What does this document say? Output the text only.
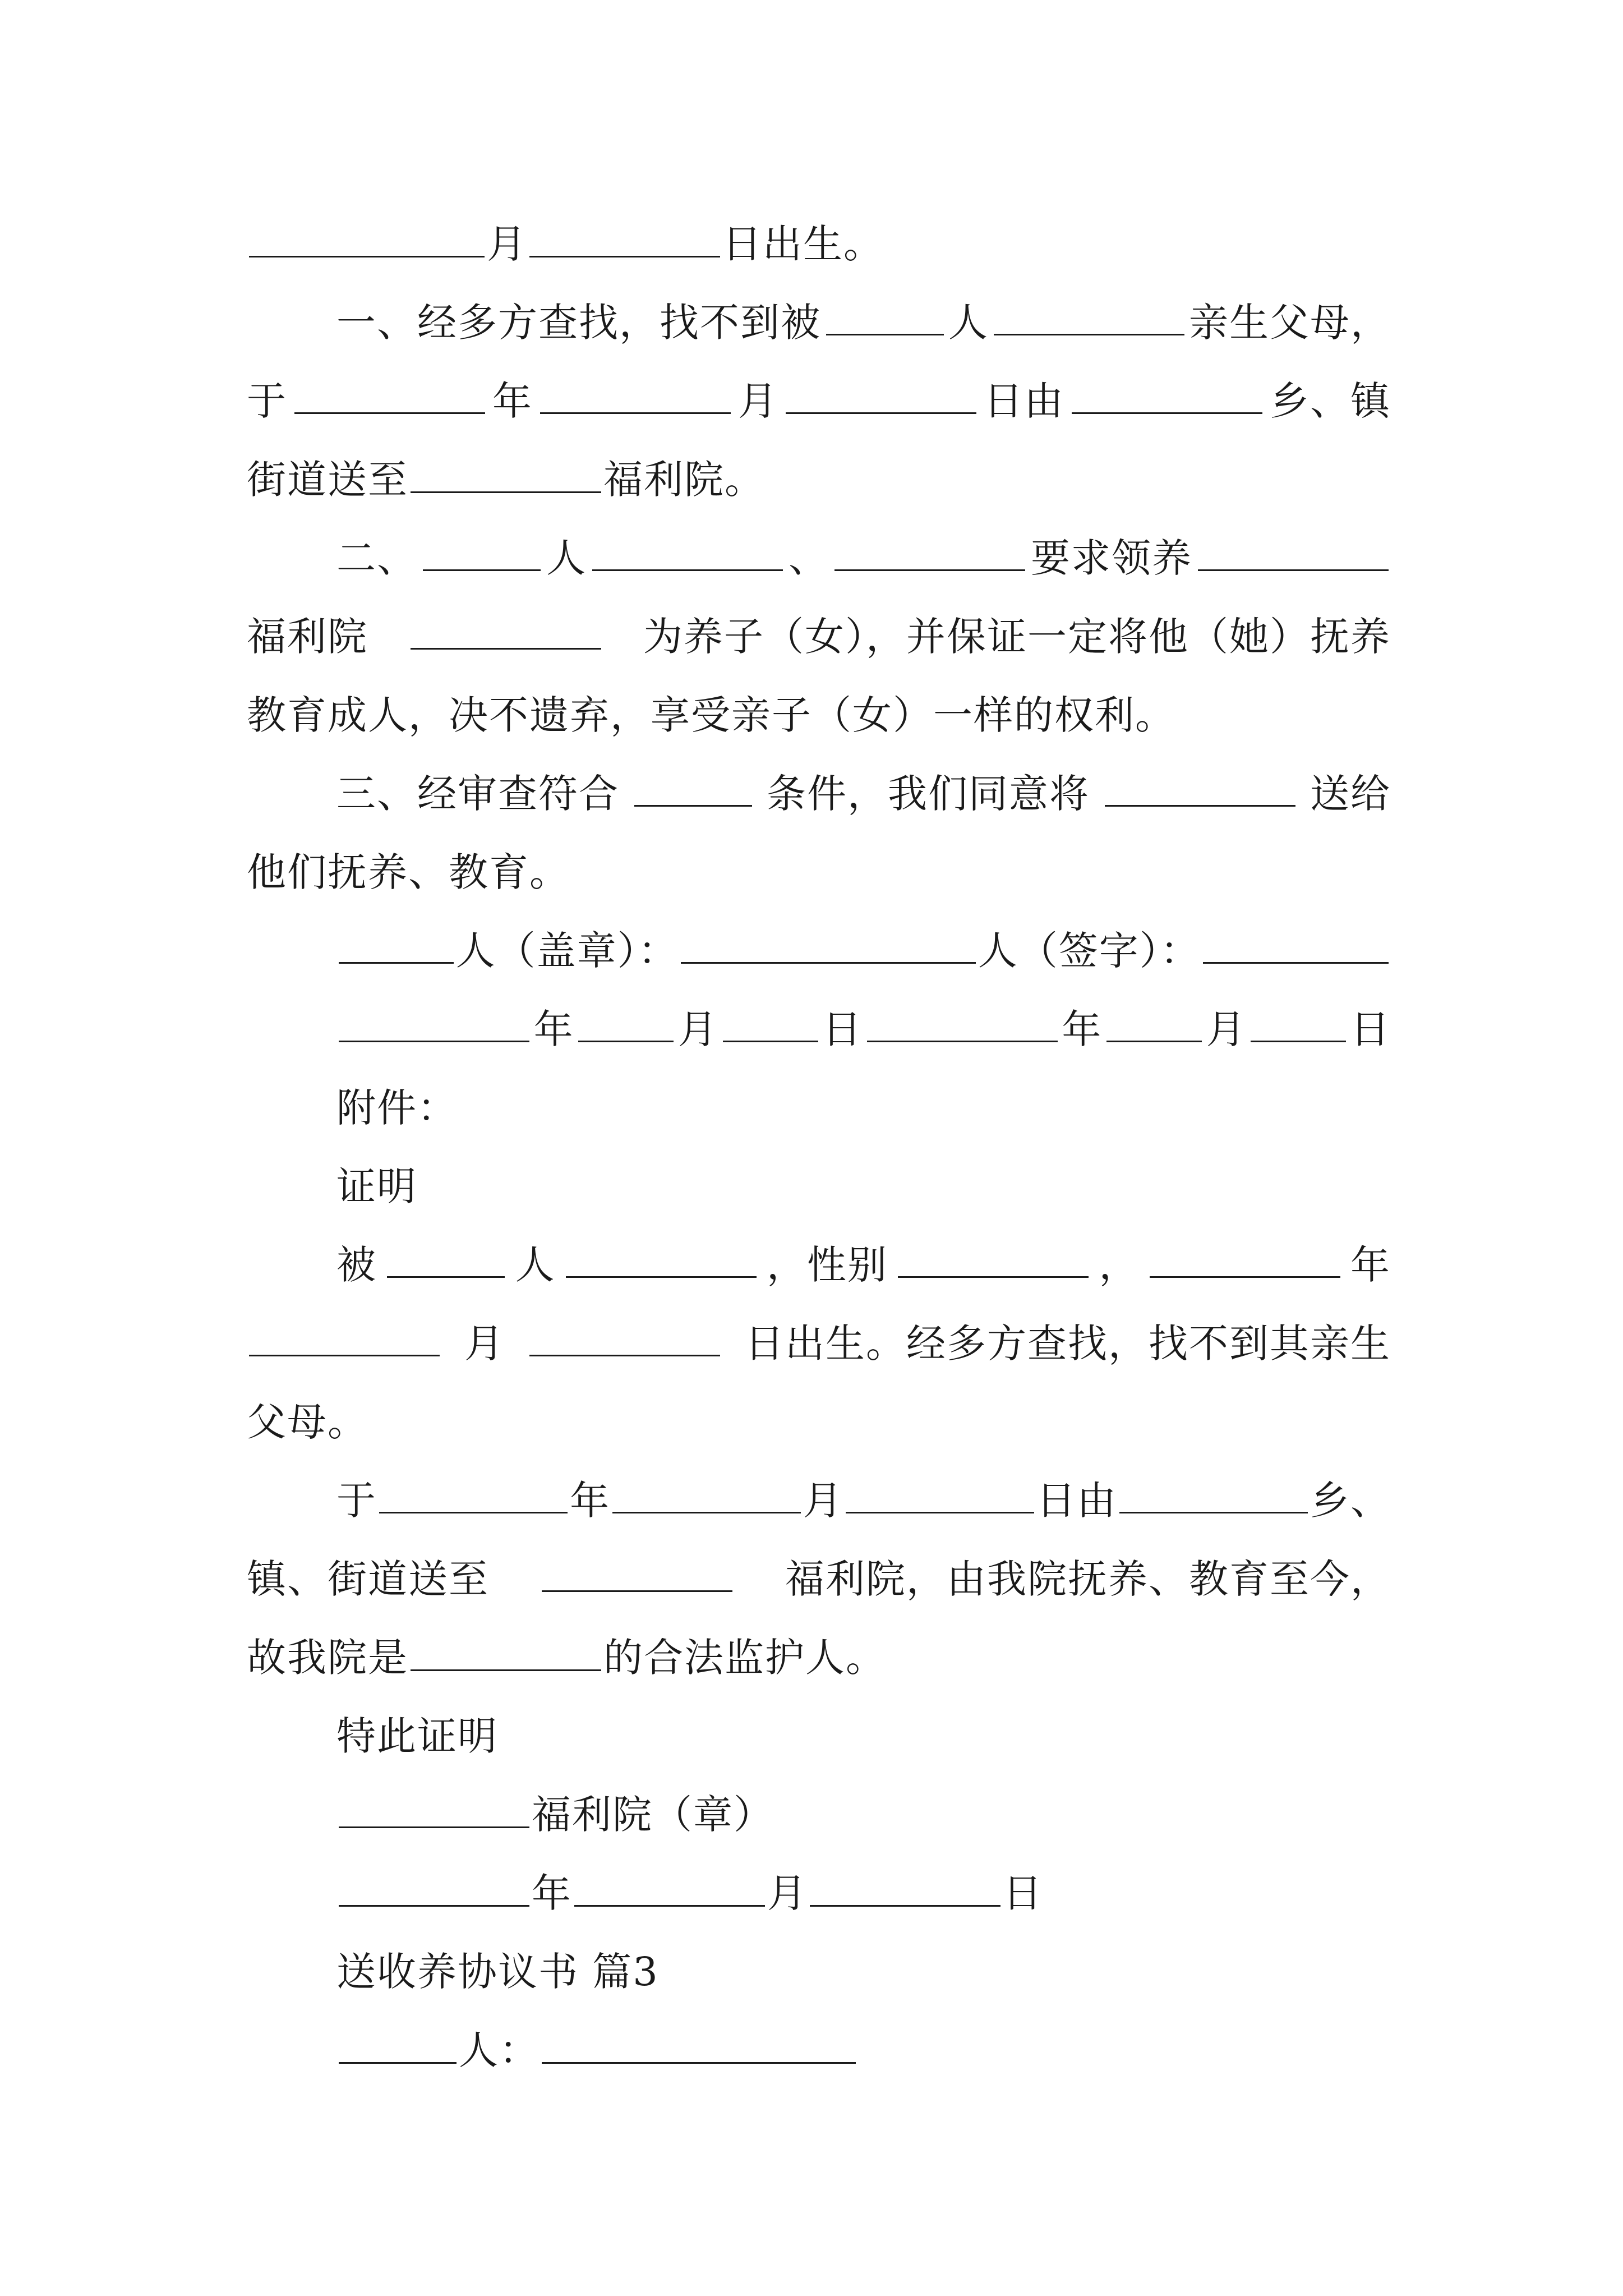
月	日出生。
一、经多方查找，找不到被	人	亲生父母，
于	年	月	日由	乡、镇
街道送至	福利院。
二、	人	、	要求领养
福利院	为养子（女），并保证一定将他（她）抚养
教育成人，决不遗弃，享受亲子（女）一样的权利。
三、经审查符合	条件，我们同意将	送给
他们抚养、教育。
人（盖章）：	人（签字）：
年	月	日	年	月	日
附件：
证明
被	人	，性别	，	年
月	日出生。经多方查找，找不到其亲生
父母。
于	年	月	日由	乡、
镇、街道送至	福利院，由我院抚养、教育至今，
故我院是	的合法监护人。
特此证明
福利院（章）
年	月	日
送收养协议书 篇3
人：
